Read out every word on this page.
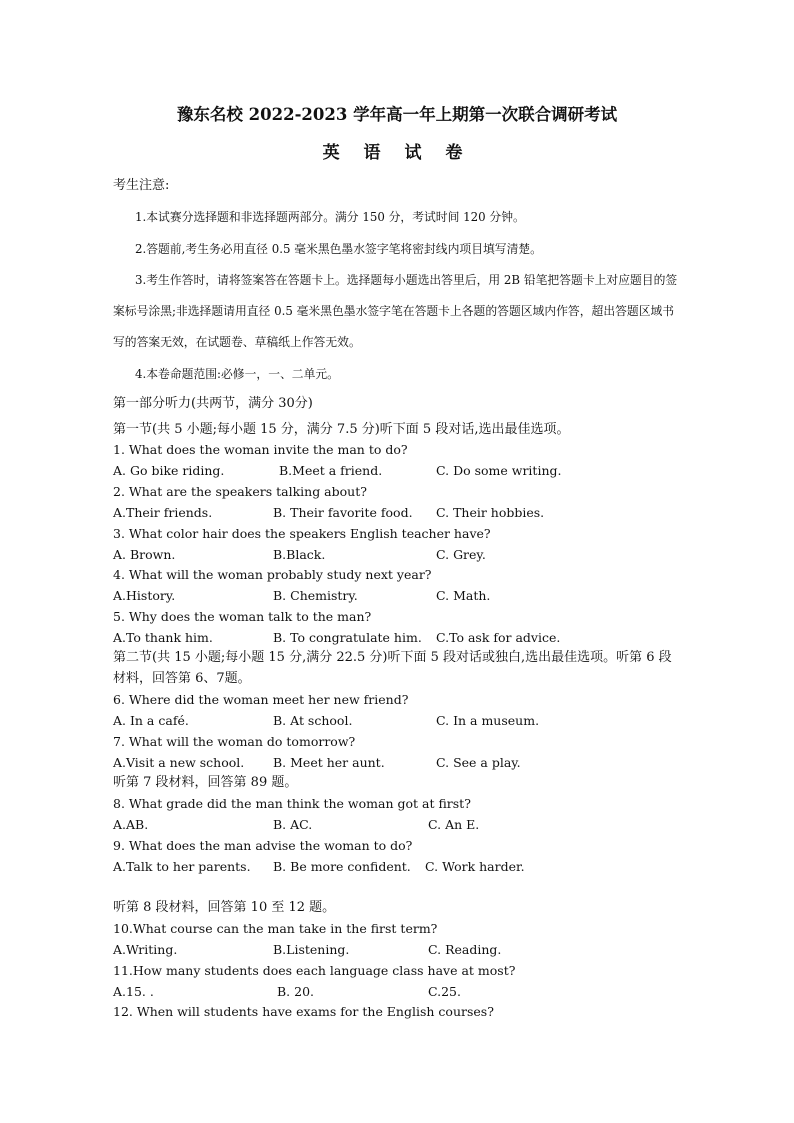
豫东名校 2022-2023 学年高一年上期第一次联合调研考试
英 语 试 卷
考生注意:
1.本试赛分选择题和非选择题两部分。满分 150 分，考试时间 120 分钟。
2.答题前,考生务必用直径 0.5 毫米黑色墨水签字笔将密封线内项目填写清楚。
3.考生作答时，请将签案答在答题卡上。选择题每小题选出答里后，用 2B 铅笔把答题卡上对应题目的签
案标号涂黑;非选择题请用直径 0.5 毫米黑色墨水签字笔在答题卡上各题的答题区域内作答，超出答题区域书
写的答案无效，在试题卷、草稿纸上作答无效。
4.本卷命题范围:必修一，一、二单元。
第一部分听力(共两节，满分 30分)
第一节(共 5 小题;每小题 15 分，满分 7.5 分)听下面 5 段对话,选出最佳选项。
1. What does the woman invite the man to do?
A. Go bike riding.	B.Meet a friend.	C. Do some writing.
2. What are the speakers talking about?
A.Their friends.	B. Their favorite food. C. Their hobbies.
3. What color hair does the speakers English teacher have?
A. Brown.	B.Black.	C. Grey.
4. What will the woman probably study next year?
A.History.	B. Chemistry.	C. Math.
5. Why does the woman talk to the man?
A.To thank him.	B. To congratulate him. C.To ask for advice.
第二节(共 15 小题;每小题 15 分,满分 22.5 分)听下面 5 段对话或独白,选出最佳选项。听第 6 段
材料，回答第 6、7题。
6. Where did the woman meet her new friend?
A. In a café.	B. At school.	C. In a museum.
7. What will the woman do tomorrow?
A.Visit a new school. B. Meet her aunt.	C. See a play.
听第 7 段材料，回答第 89 题。
8. What grade did the man think the woman got at first?
A.AB.	B. AC.	C. An E.
9. What does the man advise the woman to do?
A.Talk to her parents. B. Be more confident. C. Work harder.
听第 8 段材料，回答第 10 至 12 题。
10.What course can the man take in the first term?
A.Writing.	B.Listening.	C. Reading.
11.How many students does each language class have at most?
A.15. .	B. 20.	C.25.
12. When will students have exams for the English courses?
